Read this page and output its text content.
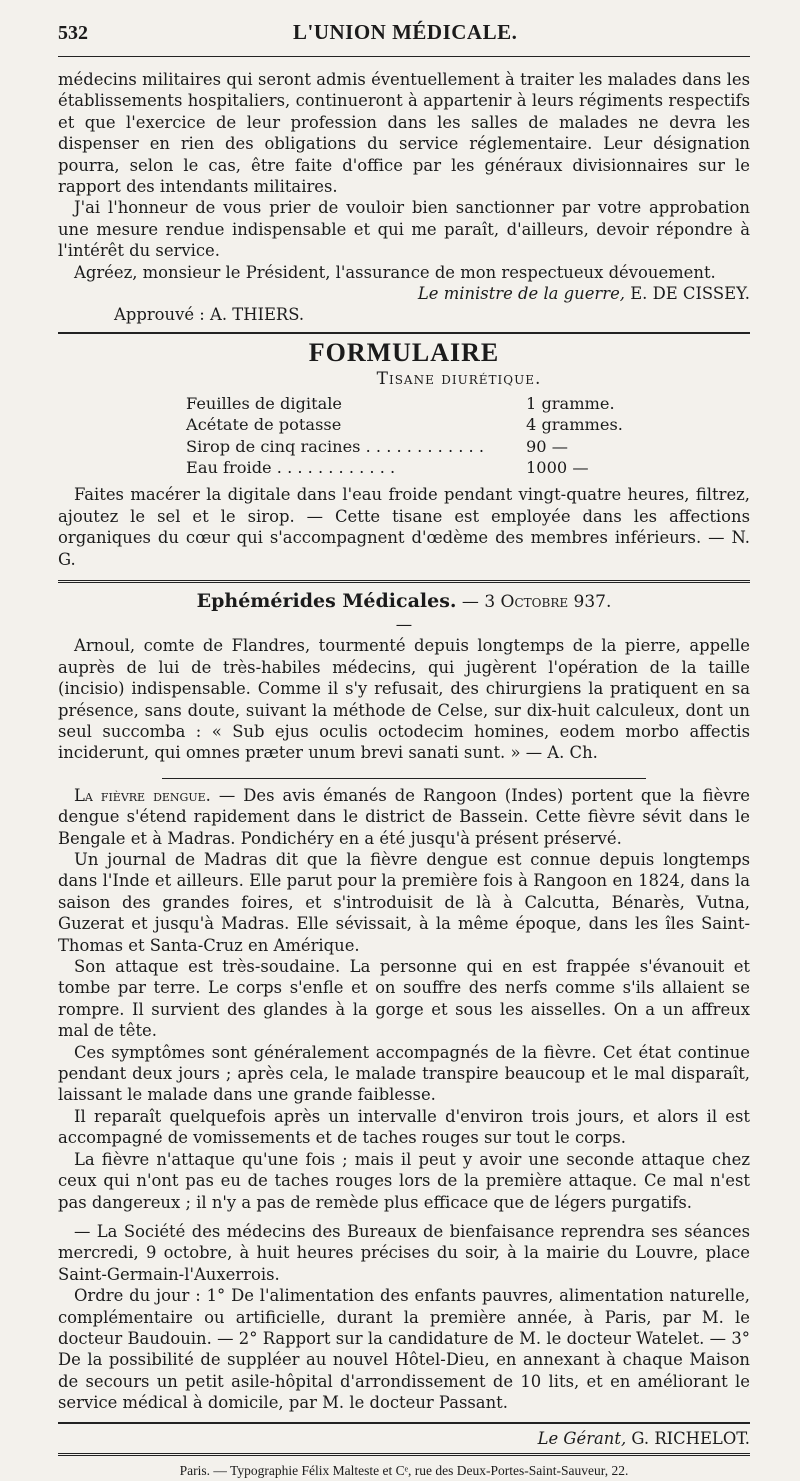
532	L'UNION MÉDICALE.

médecins militaires qui seront admis éventuellement à traiter les malades dans les établissements hospitaliers, continueront à appartenir à leurs régiments respectifs et que l'exercice de leur profession dans les salles de malades ne devra les dispenser en rien des obligations du service réglementaire. Leur désignation pourra, selon le cas, être faite d'office par les généraux divisionnaires sur le rapport des intendants militaires.

J'ai l'honneur de vous prier de vouloir bien sanctionner par votre approbation une mesure rendue indispensable et qui me paraît, d'ailleurs, devoir répondre à l'intérêt du service.

Agréez, monsieur le Président, l'assurance de mon respectueux dévouement.

Le ministre de la guerre, E. DE CISSEY.

Approuvé : A. THIERS.

FORMULAIRE
Tisane diurétique.
Feuilles de digitale	1 gramme.
Acétate de potasse	4 grammes.
Sirop de cinq racines . . . . . . . . . . . .	90 —
Eau froide . . . . . . . . . . . .	1000 —

Faites macérer la digitale dans l'eau froide pendant vingt-quatre heures, filtrez, ajoutez le sel et le sirop. — Cette tisane est employée dans les affections organiques du cœur qui s'accompagnent d'œdème des membres inférieurs. — N. G.

Ephémérides Médicales. — 3 Octobre 937.
—

Arnoul, comte de Flandres, tourmenté depuis longtemps de la pierre, appelle auprès de lui de très-habiles médecins, qui jugèrent l'opération de la taille (incisio) indispensable. Comme il s'y refusait, des chirurgiens la pratiquent en sa présence, sans doute, suivant la méthode de Celse, sur dix-huit calculeux, dont un seul succomba : « Sub ejus oculis octodecim homines, eodem morbo affectis inciderunt, qui omnes præter unum brevi sanati sunt. » — A. Ch.

La fièvre dengue. — Des avis émanés de Rangoon (Indes) portent que la fièvre dengue s'étend rapidement dans le district de Bassein. Cette fièvre sévit dans le Bengale et à Madras. Pondichéry en a été jusqu'à présent préservé.

Un journal de Madras dit que la fièvre dengue est connue depuis longtemps dans l'Inde et ailleurs. Elle parut pour la première fois à Rangoon en 1824, dans la saison des grandes foires, et s'introduisit de là à Calcutta, Bénarès, Vutna, Guzerat et jusqu'à Madras. Elle sévissait, à la même époque, dans les îles Saint-Thomas et Santa-Cruz en Amérique.

Son attaque est très-soudaine. La personne qui en est frappée s'évanouit et tombe par terre. Le corps s'enfle et on souffre des nerfs comme s'ils allaient se rompre. Il survient des glandes à la gorge et sous les aisselles. On a un affreux mal de tête.

Ces symptômes sont généralement accompagnés de la fièvre. Cet état continue pendant deux jours ; après cela, le malade transpire beaucoup et le mal disparaît, laissant le malade dans une grande faiblesse.

Il reparaît quelquefois après un intervalle d'environ trois jours, et alors il est accompagné de vomissements et de taches rouges sur tout le corps.

La fièvre n'attaque qu'une fois ; mais il peut y avoir une seconde attaque chez ceux qui n'ont pas eu de taches rouges lors de la première attaque. Ce mal n'est pas dangereux ; il n'y a pas de remède plus efficace que de légers purgatifs.

— La Société des médecins des Bureaux de bienfaisance reprendra ses séances mercredi, 9 octobre, à huit heures précises du soir, à la mairie du Louvre, place Saint-Germain-l'Auxerrois.

Ordre du jour : 1° De l'alimentation des enfants pauvres, alimentation naturelle, complémentaire ou artificielle, durant la première année, à Paris, par M. le docteur Baudouin. — 2° Rapport sur la candidature de M. le docteur Watelet. — 3° De la possibilité de suppléer au nouvel Hôtel-Dieu, en annexant à chaque Maison de secours un petit asile-hôpital d'arrondissement de 10 lits, et en améliorant le service médical à domicile, par M. le docteur Passant.

Le Gérant, G. RICHELOT.

Paris. — Typographie Félix Malteste et Cᵉ, rue des Deux-Portes-Saint-Sauveur, 22.
